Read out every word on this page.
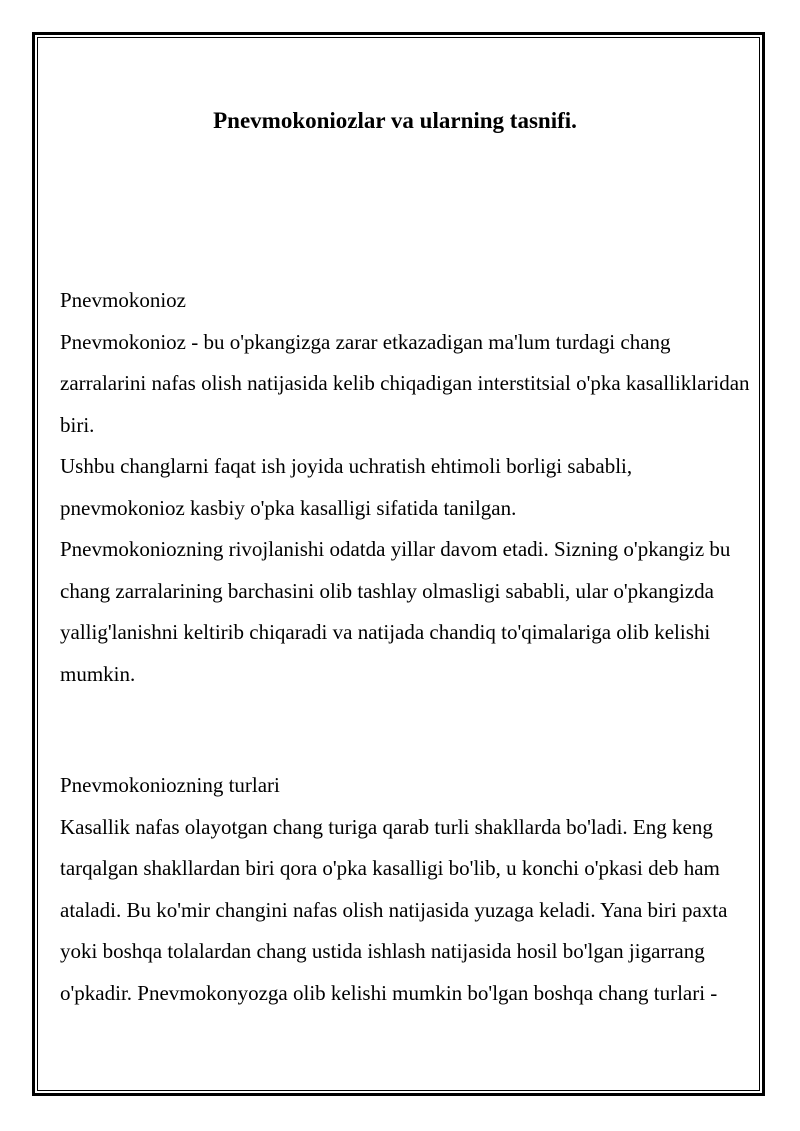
Pnevmokoniozlar va ularning tasnifi.

Pnevmokonioz

Pnevmokonioz - bu o'pkangizga zarar etkazadigan ma'lum turdagi chang zarralarini nafas olish natijasida kelib chiqadigan interstitsial o'pka kasalliklaridan biri.

Ushbu changlarni faqat ish joyida uchratish ehtimoli borligi sababli, pnevmokonioz kasbiy o'pka kasalligi sifatida tanilgan.

Pnevmokoniozning rivojlanishi odatda yillar davom etadi. Sizning o'pkangiz bu chang zarralarining barchasini olib tashlay olmasligi sababli, ular o'pkangizda yallig'lanishni keltirib chiqaradi va natijada chandiq to'qimalariga olib kelishi mumkin.

Pnevmokoniozning turlari

Kasallik nafas olayotgan chang turiga qarab turli shakllarda bo'ladi. Eng keng tarqalgan shakllardan biri qora o'pka kasalligi bo'lib, u konchi o'pkasi deb ham ataladi. Bu ko'mir changini nafas olish natijasida yuzaga keladi. Yana biri paxta yoki boshqa tolalardan chang ustida ishlash natijasida hosil bo'lgan jigarrang o'pkadir. Pnevmokonyozga olib kelishi mumkin bo'lgan boshqa chang turlari -
